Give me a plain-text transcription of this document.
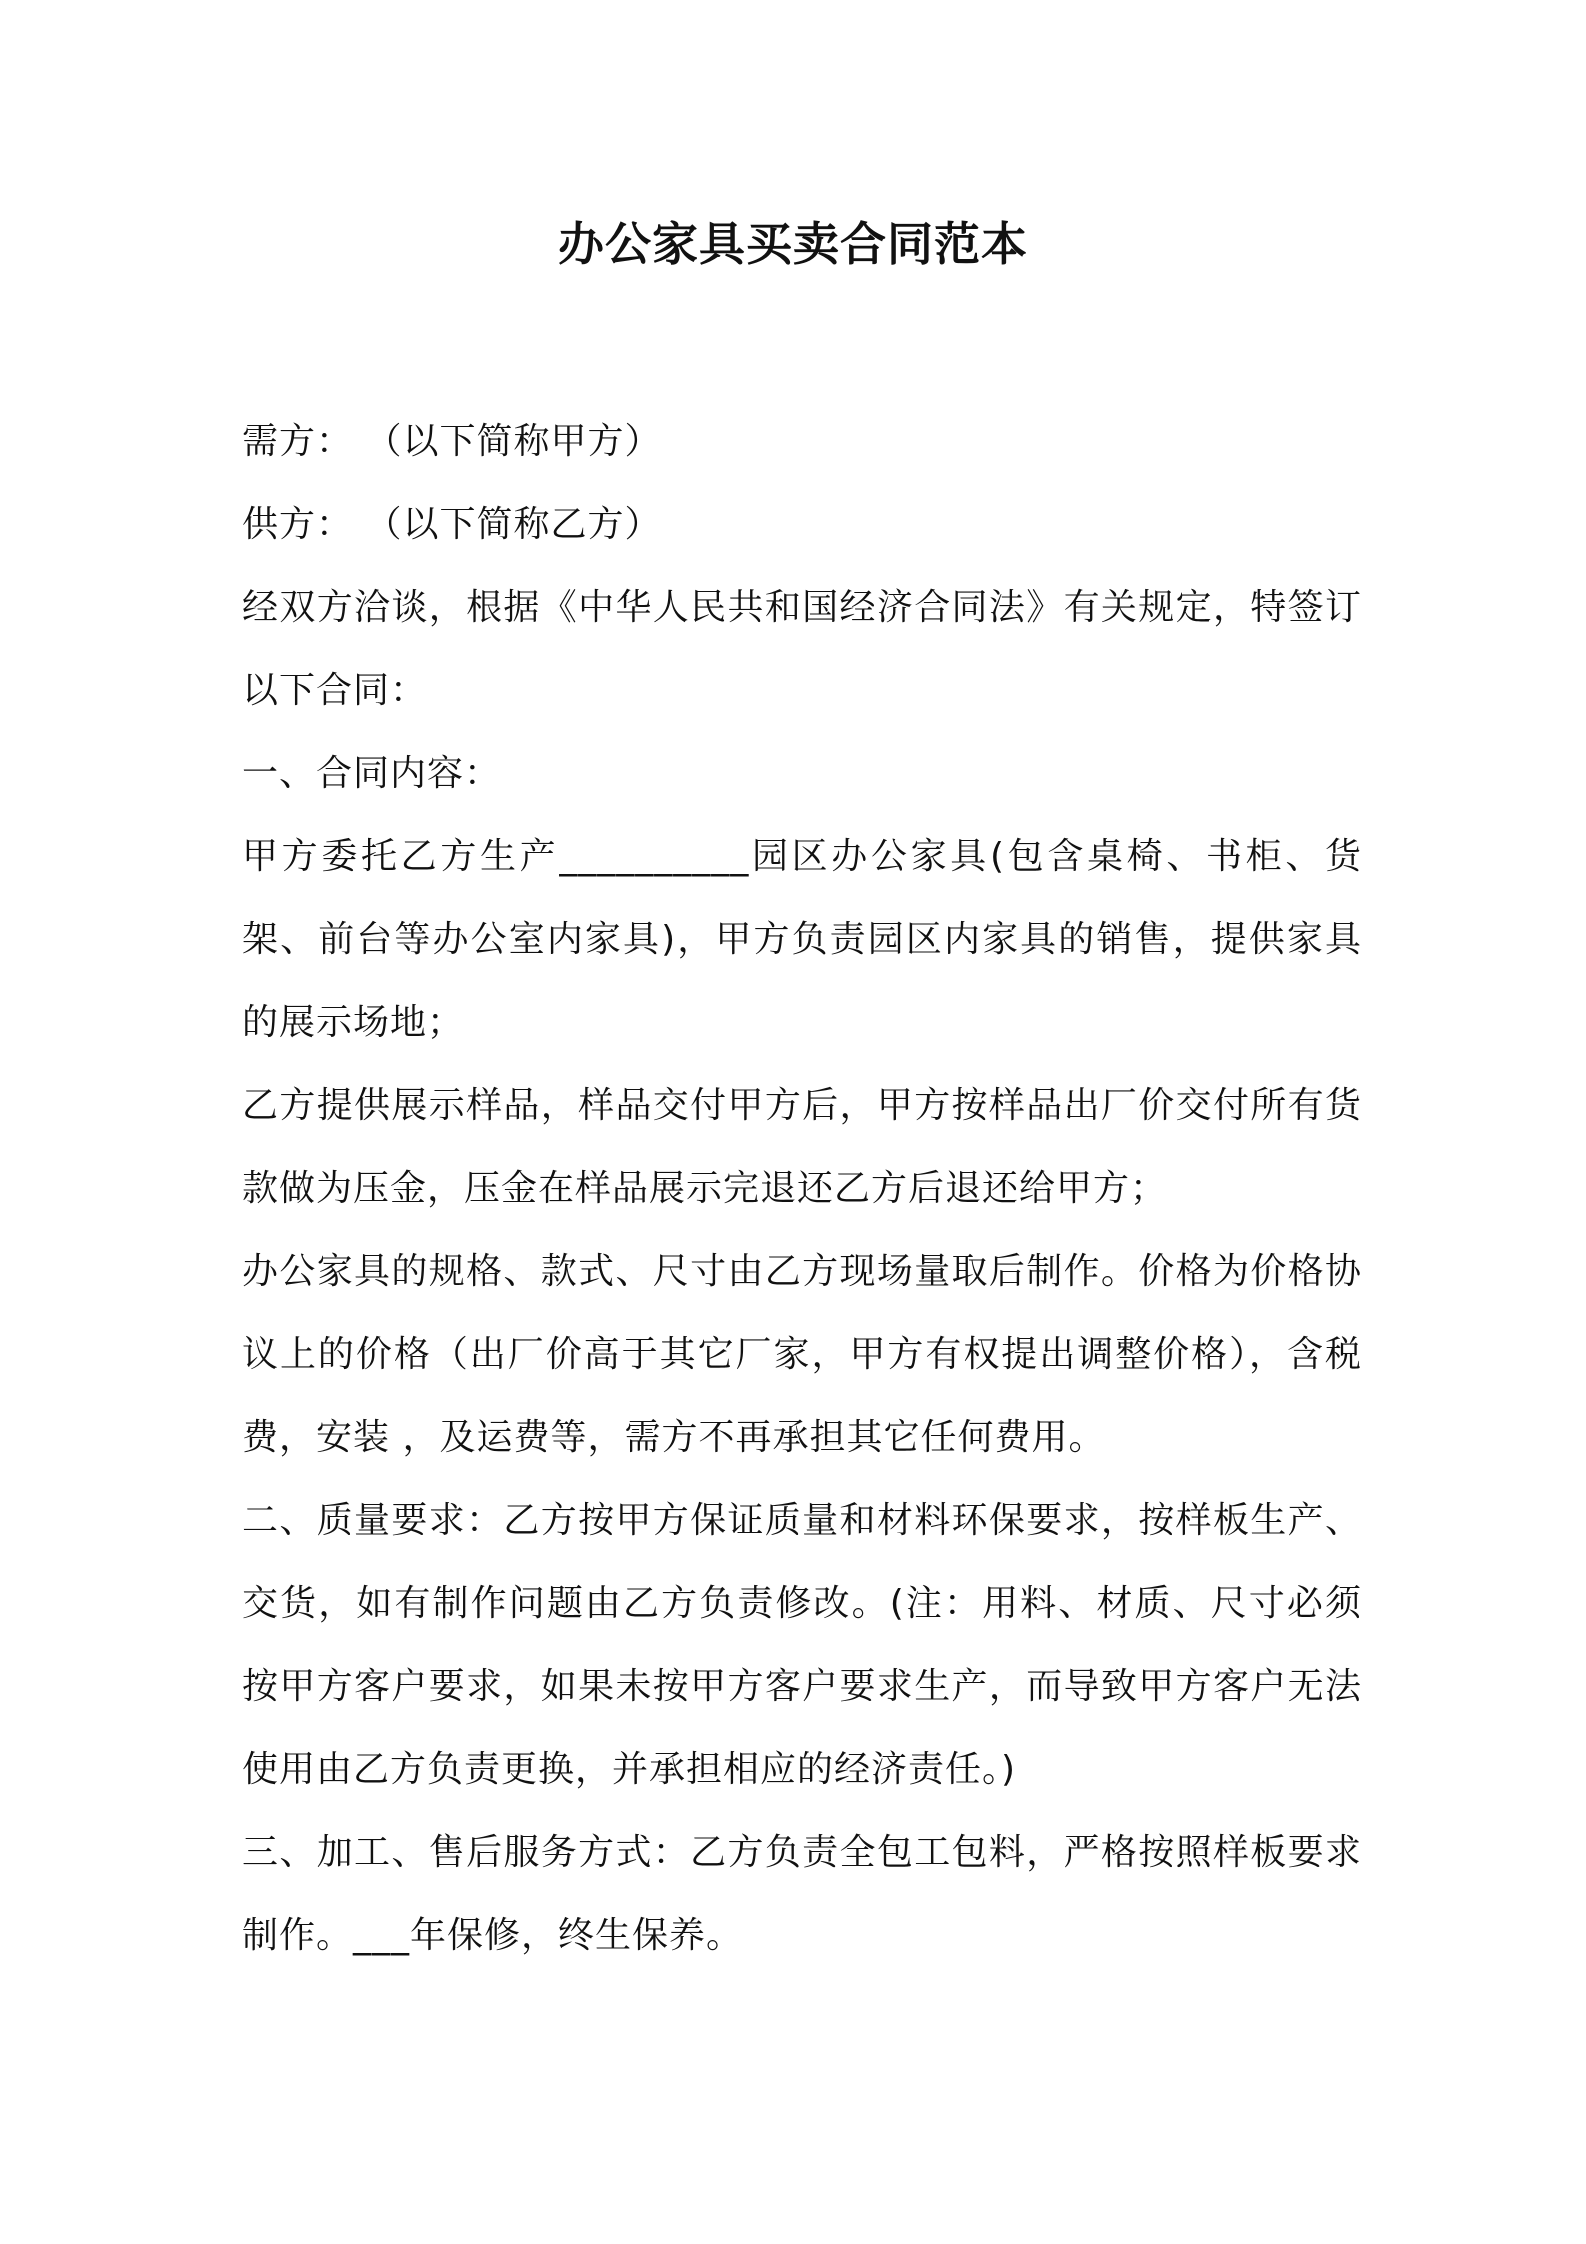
办公家具买卖合同范本

需方： （以下简称甲方）

供方： （以下简称乙方）

经双方洽谈，根据《中华人民共和国经济合同法》有关规定，特签订以下合同：

一、合同内容：

甲方委托乙方生产__________园区办公家具(包含桌椅、书柜、货架、前台等办公室内家具)，甲方负责园区内家具的销售，提供家具的展示场地；

乙方提供展示样品，样品交付甲方后，甲方按样品出厂价交付所有货款做为压金，压金在样品展示完退还乙方后退还给甲方；

办公家具的规格、款式、尺寸由乙方现场量取后制作。价格为价格协议上的价格（出厂价高于其它厂家，甲方有权提出调整价格），含税费，安装 ，及运费等，需方不再承担其它任何费用。

二、质量要求：乙方按甲方保证质量和材料环保要求，按样板生产、交货，如有制作问题由乙方负责修改。(注：用料、材质、尺寸必须按甲方客户要求，如果未按甲方客户要求生产，而导致甲方客户无法使用由乙方负责更换，并承担相应的经济责任。)

三、加工、售后服务方式：乙方负责全包工包料，严格按照样板要求制作。___年保修，终生保养。
